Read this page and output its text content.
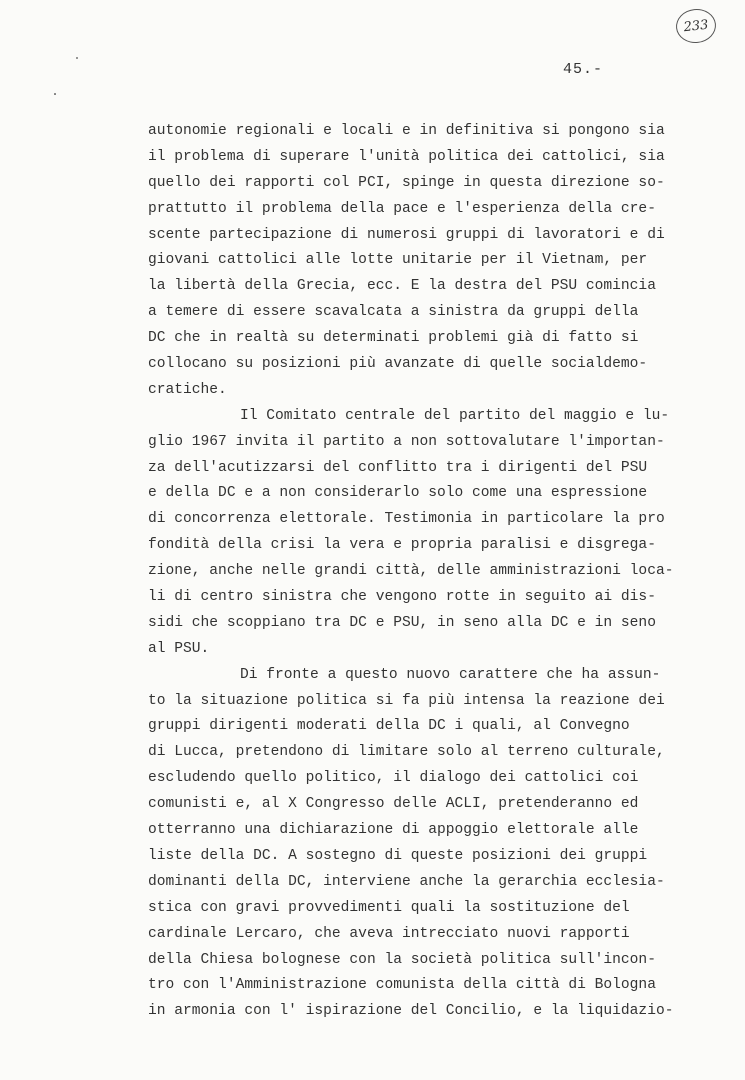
233
45.-
autonomie regionali e locali e in definitiva si pongono sia
il problema di superare l'unità politica dei cattolici, sia
quello dei rapporti col PCI, spinge in questa direzione so-
prattutto il problema della pace e l'esperienza della cre-
scente partecipazione di numerosi gruppi di lavoratori e di
giovani cattolici alle lotte unitarie per il Vietnam, per
la libertà della Grecia, ecc. E la destra del PSU comincia
a temere di essere scavalcata a sinistra da gruppi della
DC che in realtà su determinati problemi già di fatto si
collocano su posizioni più avanzate di quelle socialdemo-
cratiche.
Il Comitato centrale del partito del maggio e lu-
glio 1967 invita il partito a non sottovalutare l'importan-
za dell'acutizzarsi del conflitto tra i dirigenti del PSU
e della DC e a non considerarlo solo come una espressione
di concorrenza elettorale. Testimonia in particolare la pro
fondità della crisi la vera e propria paralisi e disgrega-
zione, anche nelle grandi città, delle amministrazioni loca-
li di centro sinistra che vengono rotte in seguito ai dis-
sidi che scoppiano tra DC e PSU, in seno alla DC e in seno
al PSU.
Di fronte a questo nuovo carattere che ha assun-
to la situazione politica si fa più intensa la reazione dei
gruppi dirigenti moderati della DC i quali, al Convegno
di Lucca, pretendono di limitare solo al terreno culturale,
escludendo quello politico, il dialogo dei cattolici coi
comunisti e, al X Congresso delle ACLI, pretenderanno ed
otterranno una dichiarazione di appoggio elettorale alle
liste della DC. A sostegno di queste posizioni dei gruppi
dominanti della DC, interviene anche la gerarchia ecclesia-
stica con gravi provvedimenti quali la sostituzione del
cardinale Lercaro, che aveva intrecciato nuovi rapporti
della Chiesa bolognese con la società politica sull'incon-
tro con l'Amministrazione comunista della città di Bologna
in armonia con l' ispirazione del Concilio, e la liquidazio-
